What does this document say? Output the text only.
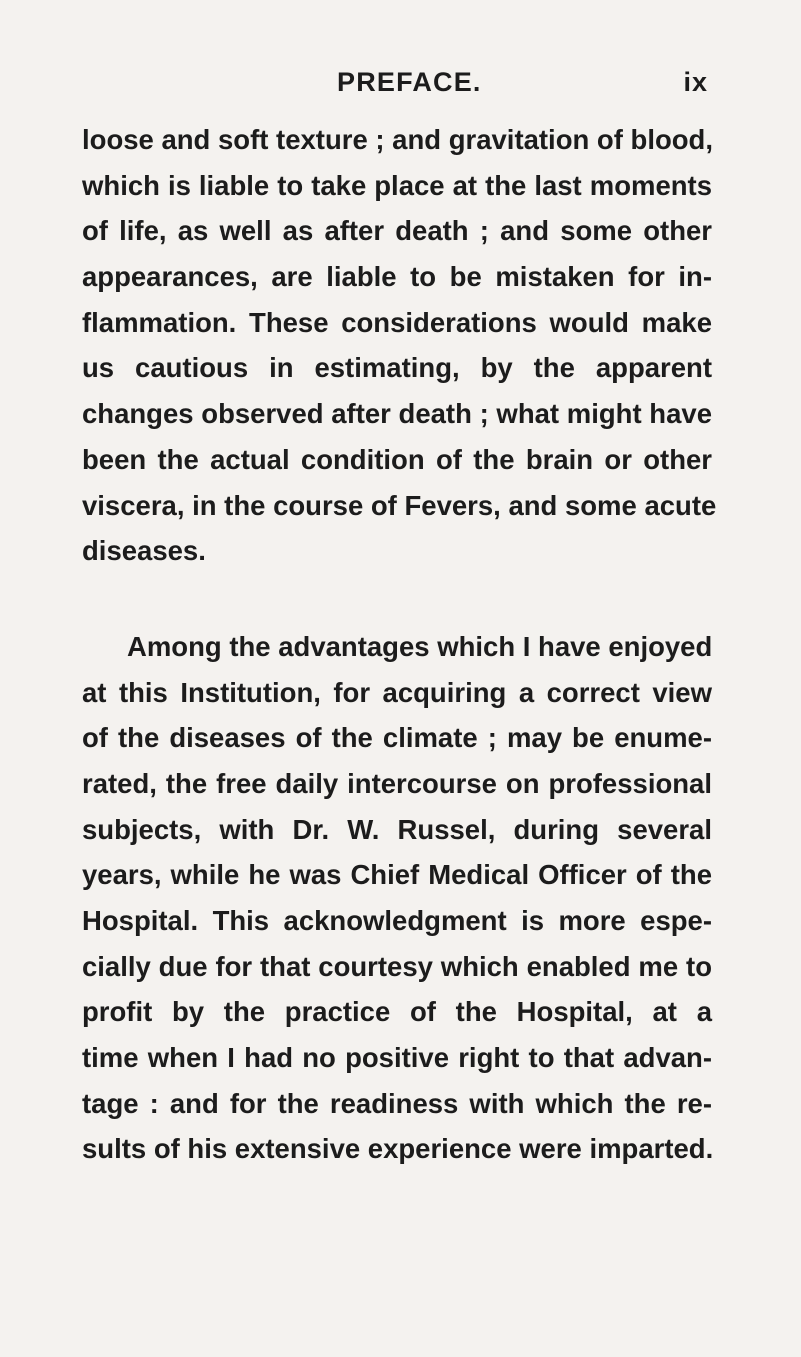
PREFACE.	ix
loose and soft texture ; and gravitation of blood,
which is liable to take place at the last moments
of life, as well as after death ; and some other
appearances, are liable to be mistaken for in-
flammation. These considerations would make
us cautious in estimating, by the apparent
changes observed after death ; what might have
been the actual condition of the brain or other
viscera, in the course of Fevers, and some acute
diseases.
Among the advantages which I have enjoyed
at this Institution, for acquiring a correct view
of the diseases of the climate ; may be enume-
rated, the free daily intercourse on professional
subjects, with Dr. W. Russel, during several
years, while he was Chief Medical Officer of the
Hospital. This acknowledgment is more espe-
cially due for that courtesy which enabled me to
profit by the practice of the Hospital, at a
time when I had no positive right to that advan-
tage : and for the readiness with which the re-
sults of his extensive experience were imparted.
